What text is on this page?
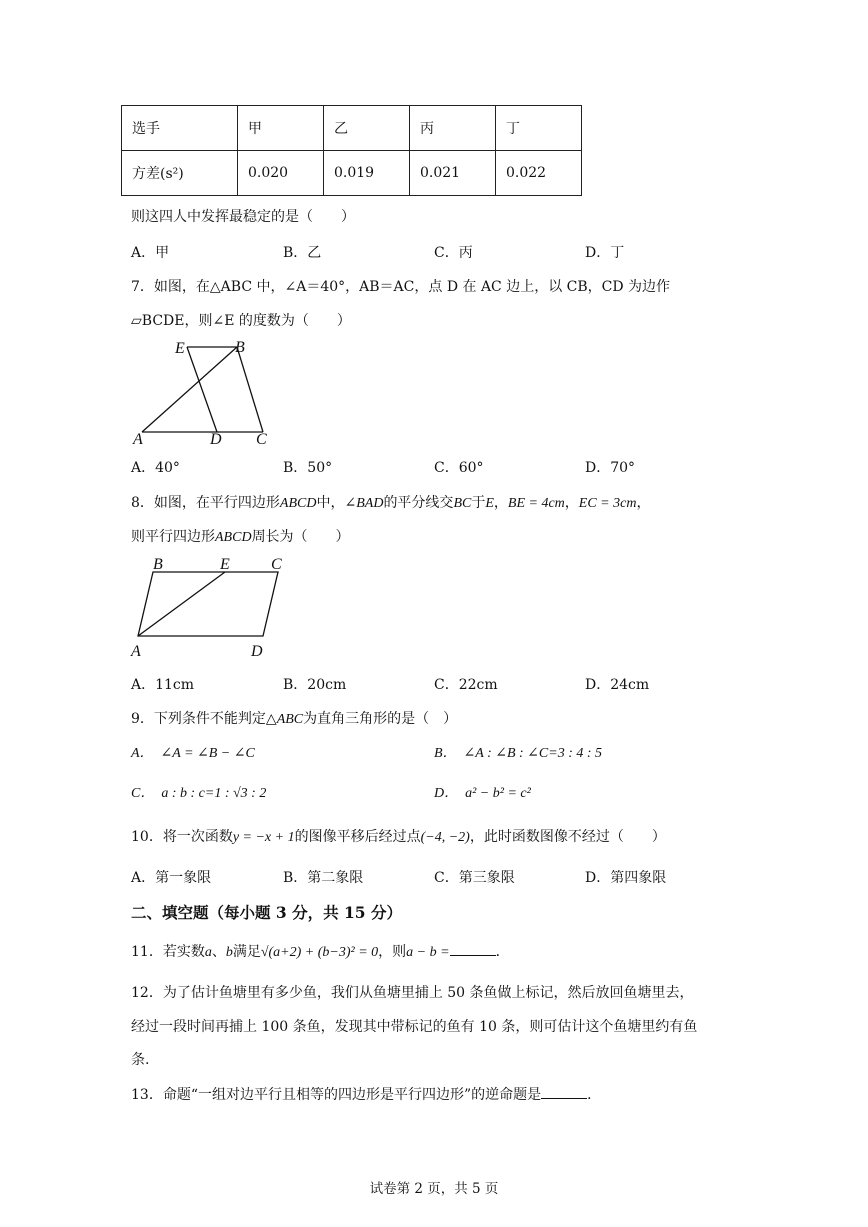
选手	甲	乙	丙	丁
方差(s²)	0.020	0.019	0.021	0.022
则这四人中发挥最稳定的是（　　）
A．甲	B．乙	C．丙	D．丁
7．如图，在△ABC 中，∠A＝40°，AB＝AC，点 D 在 AC 边上，以 CB，CD 为边作
▱BCDE，则∠E 的度数为（　　）
E	B
A	D C
A．40°	B．50°	C．60°	D．70°
8．如图，在平行四边形ABCD中，∠BAD的平分线交BC于E，BE = 4cm，EC = 3cm，
则平行四边形ABCD周长为（　　）
B	E	C
A	D
A．11cm	B．20cm	C．22cm	D．24cm
9．下列条件不能判定△ABC为直角三角形的是（　）
A．　∠A = ∠B − ∠C	B．　∠A : ∠B : ∠C=3 : 4 : 5
C．　a : b : c=1 : √3 : 2	D．　a² − b² = c²
10．将一次函数y = −x + 1的图像平移后经过点(−4, −2)，此时函数图像不经过（　　）
A．第一象限	B．第二象限	C．第三象限	D．第四象限
二、填空题（每小题 3 分，共 15 分）
11．若实数a、b满足√(a+2) + (b−3)² = 0，则a − b =	．
12．为了估计鱼塘里有多少鱼，我们从鱼塘里捕上 50 条鱼做上标记，然后放回鱼塘里去，
经过一段时间再捕上 100 条鱼，发现其中带标记的鱼有 10 条，则可估计这个鱼塘里约有鱼
条.
13．命题“一组对边平行且相等的四边形是平行四边形”的逆命题是	．
试卷第 2 页，共 5 页
